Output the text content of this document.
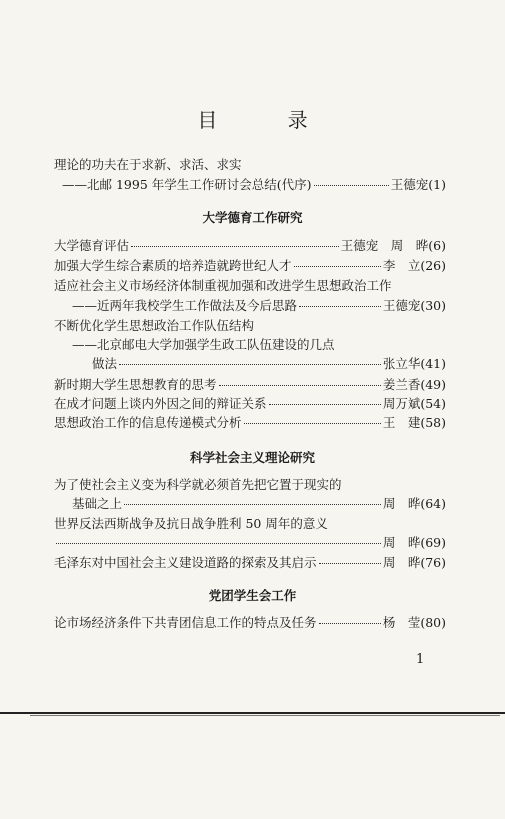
目 录
理论的功夫在于求新、求活、求实
——北邮 1995 年学生工作研讨会总结(代序)	王德宠(1)
大学德育工作研究
大学德育评估	王德宠　周　晔(6)
加强大学生综合素质的培养造就跨世纪人才	李　立(26)
适应社会主义市场经济体制重视加强和改进学生思想政治工作
——近两年我校学生工作做法及今后思路	王德宠(30)
不断优化学生思想政治工作队伍结构
——北京邮电大学加强学生政工队伍建设的几点
做法	张立华(41)
新时期大学生思想教育的思考	姜兰香(49)
在成才问题上谈内外因之间的辩证关系	周万斌(54)
思想政治工作的信息传递模式分析	王　建(58)
科学社会主义理论研究
为了使社会主义变为科学就必须首先把它置于现实的
基础之上	周　晔(64)
世界反法西斯战争及抗日战争胜利 50 周年的意义
周　晔(69)
毛泽东对中国社会主义建设道路的探索及其启示	周　晔(76)
党团学生会工作
论市场经济条件下共青团信息工作的特点及任务	杨　莹(80)
1
